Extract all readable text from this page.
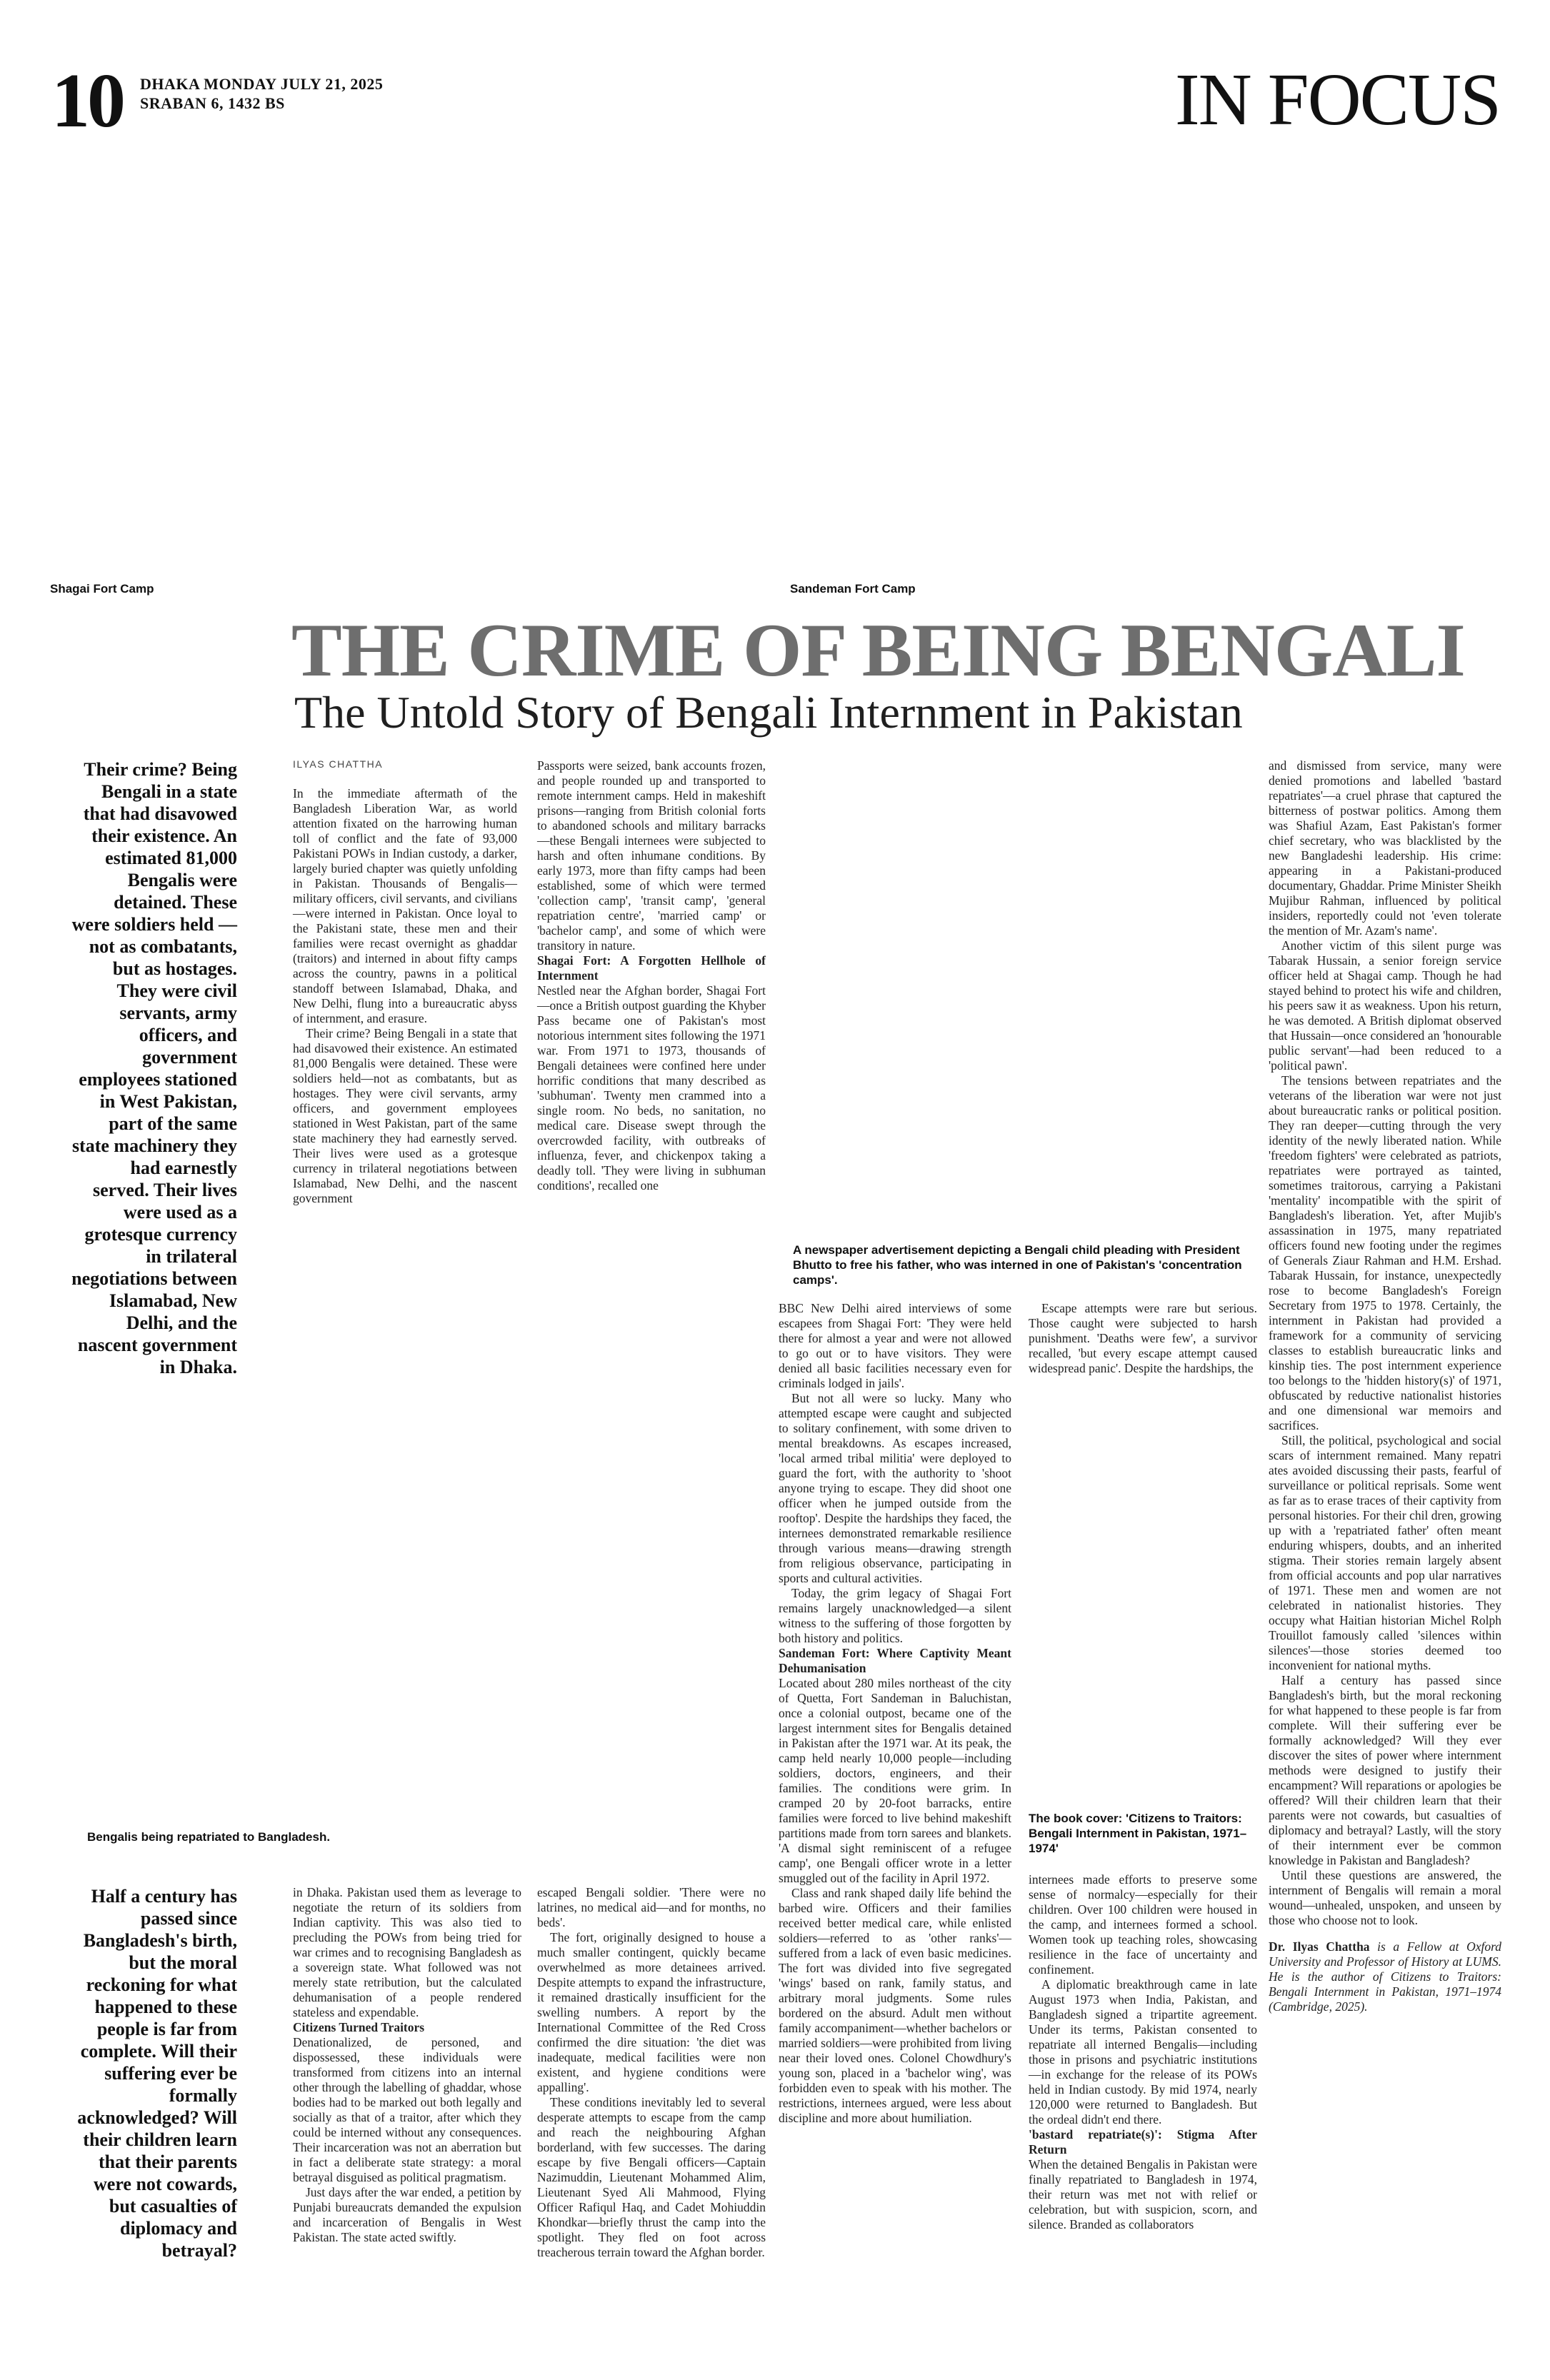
10 DHAKA MONDAY JULY 21, 2025
SRABAN 6, 1432 BS	IN FOCUS
Shagai Fort Camp	Sandeman Fort Camp
THE CRIME OF BEING BENGALI
The Untold Story of Bengali Internment in Pakistan
Their crime? Being Bengali in a state that had disavowed their existence. An estimated 81,000 Bengalis were detained. These were soldiers held — not as combatants, but as hostages. They were civil servants, army officers, and government employees stationed in West Pakistan, part of the same state machinery they had earnestly served. Their lives were used as a grotesque currency in trilateral negotiations between Islamabad, New Delhi, and the nascent government in Dhaka.
Half a century has passed since Bangladesh's birth, but the moral reckoning for what happened to these people is far from complete. Will their suffering ever be formally acknowledged? Will their children learn that their parents were not cowards, but casualties of diplomacy and betrayal?
ILYAS CHATTHA

In the immediate aftermath of the Bangladesh Liberation War, as world attention fixated on the harrowing human toll of conflict and the fate of 93,000 Pakistani POWs in Indian custody, a darker, largely buried chapter was quietly unfolding in Pakistan. Thousands of Bengalis—military officers, civil servants, and civilians—were interned in Pakistan. Once loyal to the Pakistani state, these men and their families were recast overnight as ghaddar (traitors) and interned in about fifty camps across the country, pawns in a political standoff between Islamabad, Dhaka, and New Delhi, flung into a bureaucratic abyss of internment, and erasure.

Their crime? Being Bengali in a state that had disavowed their existence. An estimated 81,000 Bengalis were detained. These were soldiers held—not as combatants, but as hostages. They were civil servants, army officers, and government employees stationed in West Pakistan, part of the same state machinery they had earnestly served. Their lives were used as a grotesque currency in trilateral negotiations between Islamabad, New Delhi, and the nascent government

Passports were seized, bank accounts frozen, and people rounded up and transported to remote internment camps. Held in makeshift prisons—ranging from British colonial forts to abandoned schools and military barracks—these Bengali internees were subjected to harsh and often inhumane conditions. By early 1973, more than fifty camps had been established, some of which were termed 'collection camp', 'transit camp', 'general repatriation centre', 'married camp' or 'bachelor camp', and some of which were transitory in nature.

Shagai Fort: A Forgotten Hellhole of Internment

Nestled near the Afghan border, Shagai Fort—once a British outpost guarding the Khyber Pass became one of Pakistan's most notorious internment sites following the 1971 war. From 1971 to 1973, thousands of Bengali detainees were confined here under horrific conditions that many described as 'subhuman'. Twenty men crammed into a single room. No beds, no sanitation, no medical care. Disease swept through the overcrowded facility, with outbreaks of influenza, fever, and chickenpox taking a deadly toll. 'They were living in subhuman conditions', recalled one

A newspaper advertisement depicting a Bengali child pleading with President Bhutto to free his father, who was interned in one of Pakistan's 'concentration camps'.

BBC New Delhi aired interviews of some escapees from Shagai Fort: 'They were held there for almost a year and were not allowed to go out or to have visitors. They were denied all basic facilities necessary even for criminals lodged in jails'.

But not all were so lucky. Many who attempted escape were caught and subjected to solitary confinement, with some driven to mental breakdowns. As escapes increased, 'local armed tribal militia' were deployed to guard the fort, with the authority to 'shoot anyone trying to escape. They did shoot one officer when he jumped outside from the rooftop'. Despite the hardships they faced, the internees demonstrated remarkable resilience through various means—drawing strength from religious observance, participating in sports and cultural activities.

Today, the grim legacy of Shagai Fort remains largely unacknowledged—a silent witness to the suffering of those forgotten by both history and politics.

Sandeman Fort: Where Captivity Meant Dehumanisation

Located about 280 miles northeast of the city of Quetta, Fort Sandeman in Baluchistan, once a colonial outpost, became one of the largest internment sites for Bengalis detained in Pakistan after the 1971 war. At its peak, the camp held nearly 10,000 people—including soldiers, doctors, engineers, and their families. The conditions were grim. In cramped 20 by 20-foot barracks, entire families were forced to live behind makeshift partitions made from torn sarees and blankets. 'A dismal sight reminiscent of a refugee camp', one Bengali officer wrote in a letter smuggled out of the facility in April 1972.

Class and rank shaped daily life behind the barbed wire. Officers and their families received better medical care, while enlisted soldiers—referred to as 'other ranks'—suffered from a lack of even basic medicines. The fort was divided into five segregated 'wings' based on rank, family status, and arbitrary moral judgments. Some rules bordered on the absurd. Adult men without family accompaniment—whether bachelors or married soldiers—were prohibited from living near their loved ones. Colonel Chowdhury's young son, placed in a 'bachelor wing', was forbidden even to speak with his mother. The restrictions, internees argued, were less about discipline and more about humiliation.

Escape attempts were rare but serious. Those caught were subjected to harsh punishment. 'Deaths were few', a survivor recalled, 'but every escape attempt caused widespread panic'. Despite the hardships, the

The book cover: 'Citizens to Traitors: Bengali Internment in Pakistan, 1971–1974'

internees made efforts to preserve some sense of normalcy—especially for their children. Over 100 children were housed in the camp, and internees formed a school. Women took up teaching roles, showcasing resilience in the face of uncertainty and confinement.

A diplomatic breakthrough came in late August 1973 when India, Pakistan, and Bangladesh signed a tripartite agreement. Under its terms, Pakistan consented to repatriate all interned Bengalis—including those in prisons and psychiatric institutions—in exchange for the release of its POWs held in Indian custody. By mid 1974, nearly 120,000 were returned to Bangladesh. But the ordeal didn't end there.

'bastard repatriate(s)': Stigma After Return

When the detained Bengalis in Pakistan were finally repatriated to Bangladesh in 1974, their return was met not with relief or celebration, but with suspicion, scorn, and silence. Branded as collaborators

and dismissed from service, many were denied promotions and labelled 'bastard repatriates'—a cruel phrase that captured the bitterness of postwar politics. Among them was Shafiul Azam, East Pakistan's former chief secretary, who was blacklisted by the new Bangladeshi leadership. His crime: appearing in a Pakistani-produced documentary, Ghaddar. Prime Minister Sheikh Mujibur Rahman, influenced by political insiders, reportedly could not 'even tolerate the mention of Mr. Azam's name'.

Another victim of this silent purge was Tabarak Hussain, a senior foreign service officer held at Shagai camp. Though he had stayed behind to protect his wife and children, his peers saw it as weakness. Upon his return, he was demoted. A British diplomat observed that Hussain—once considered an 'honourable public servant'—had been reduced to a 'political pawn'.

The tensions between repatriates and the veterans of the liberation war were not just about bureaucratic ranks or political position. They ran deeper—cutting through the very identity of the newly liberated nation. While 'freedom fighters' were celebrated as patriots, repatriates were portrayed as tainted, sometimes traitorous, carrying a Pakistani 'mentality' incompatible with the spirit of Bangladesh's liberation. Yet, after Mujib's assassination in 1975, many repatriated officers found new footing under the regimes of Generals Ziaur Rahman and H.M. Ershad. Tabarak Hussain, for instance, unexpectedly rose to become Bangladesh's Foreign Secretary from 1975 to 1978. Certainly, the internment in Pakistan had provided a framework for a community of servicing classes to establish bureaucratic links and kinship ties. The post internment experience too belongs to the 'hidden history(s)' of 1971, obfuscated by reductive nationalist histories and one dimensional war memoirs and sacrifices.

Still, the political, psychological and social scars of internment remained. Many repatri ates avoided discussing their pasts, fearful of surveillance or political reprisals. Some went as far as to erase traces of their captivity from personal histories. For their chil dren, growing up with a 'repatriated father' often meant enduring whispers, doubts, and an inherited stigma. Their stories remain largely absent from official accounts and pop ular narratives of 1971. These men and women are not celebrated in nationalist histories. They occupy what Haitian historian Michel Rolph Trouillot famously called 'silences within silences'—those stories deemed too inconvenient for national myths.

Half a century has passed since Bangladesh's birth, but the moral reckoning for what happened to these people is far from complete. Will their suffering ever be formally acknowledged? Will they ever discover the sites of power where internment methods were designed to justify their encampment? Will reparations or apologies be offered? Will their children learn that their parents were not cowards, but casualties of diplomacy and betrayal? Lastly, will the story of their internment ever be common knowledge in Pakistan and Bangladesh?

Until these questions are answered, the internment of Bengalis will remain a moral wound—unhealed, unspoken, and unseen by those who choose not to look.

Dr. Ilyas Chattha is a Fellow at Oxford University and Professor of History at LUMS. He is the author of Citizens to Traitors: Bengali Internment in Pakistan, 1971–1974 (Cambridge, 2025).

Bengalis being repatriated to Bangladesh.

in Dhaka. Pakistan used them as leverage to negotiate the return of its soldiers from Indian captivity. This was also tied to precluding the POWs from being tried for war crimes and to recognising Bangladesh as a sovereign state. What followed was not merely state retribution, but the calculated dehumanisation of a people rendered stateless and expendable.

Citizens Turned Traitors

Denationalized, de personed, and dispossessed, these individuals were transformed from citizens into an internal other through the labelling of ghaddar, whose bodies had to be marked out both legally and socially as that of a traitor, after which they could be interned without any consequences. Their incarceration was not an aberration but in fact a deliberate state strategy: a moral betrayal disguised as political pragmatism.

Just days after the war ended, a petition by Punjabi bureaucrats demanded the expulsion and incarceration of Bengalis in West Pakistan. The state acted swiftly.

escaped Bengali soldier. 'There were no latrines, no medical aid—and for months, no beds'.

The fort, originally designed to house a much smaller contingent, quickly became overwhelmed as more detainees arrived. Despite attempts to expand the infrastructure, it remained drastically insufficient for the swelling numbers. A report by the International Committee of the Red Cross confirmed the dire situation: 'the diet was inadequate, medical facilities were non existent, and hygiene conditions were appalling'.

These conditions inevitably led to several desperate attempts to escape from the camp and reach the neighbouring Afghan borderland, with few successes. The daring escape by five Bengali officers—Captain Nazimuddin, Lieutenant Mohammed Alim, Lieutenant Syed Ali Mahmood, Flying Officer Rafiqul Haq, and Cadet Mohiuddin Khondkar—briefly thrust the camp into the spotlight. They fled on foot across treacherous terrain toward the Afghan border.
